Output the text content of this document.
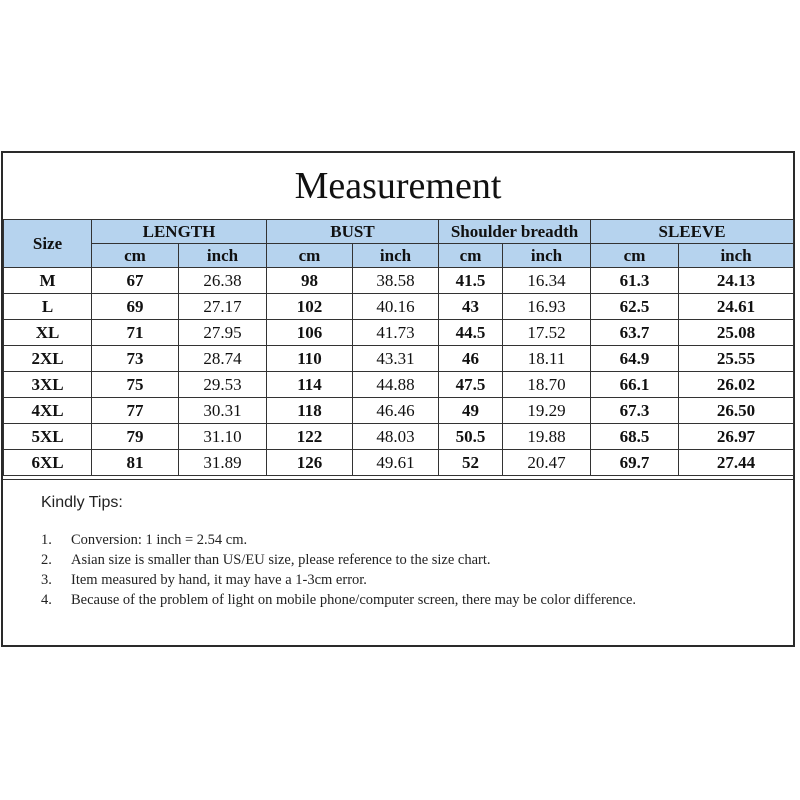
Measurement
Size	LENGTH		BUST		Shoulder breadth		SLEEVE	
	cm	inch	cm	inch	cm	inch	cm	inch
M	67	26.38	98	38.58	41.5	16.34	61.3	24.13
L	69	27.17	102	40.16	43	16.93	62.5	24.61
XL	71	27.95	106	41.73	44.5	17.52	63.7	25.08
2XL	73	28.74	110	43.31	46	18.11	64.9	25.55
3XL	75	29.53	114	44.88	47.5	18.70	66.1	26.02
4XL	77	30.31	118	46.46	49	19.29	67.3	26.50
5XL	79	31.10	122	48.03	50.5	19.88	68.5	26.97
6XL	81	31.89	126	49.61	52	20.47	69.7	27.44
Kindly Tips:
1. Conversion: 1 inch = 2.54 cm.
2. Asian size is smaller than US/EU size, please reference to the size chart.
3. Item measured by hand, it may have a 1-3cm error.
4. Because of the problem of light on mobile phone/computer screen, there may be color difference.
